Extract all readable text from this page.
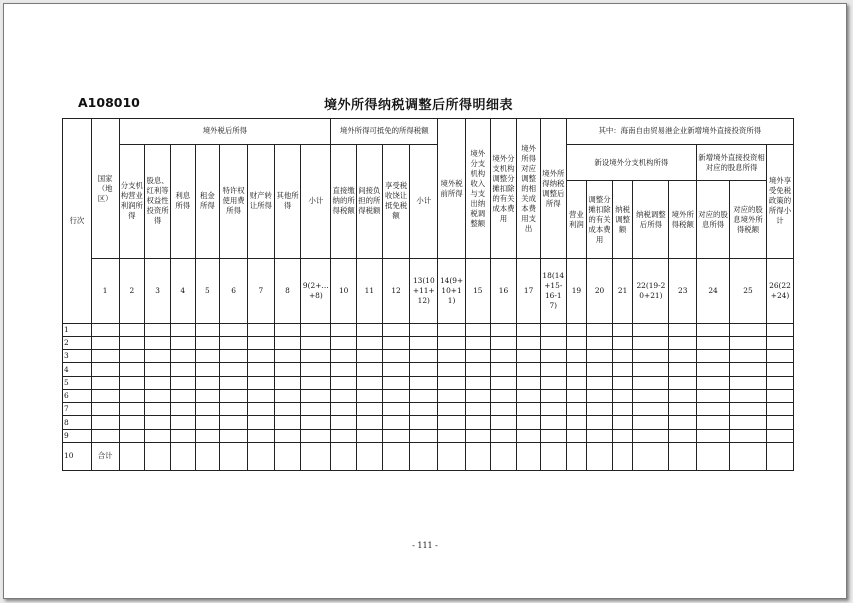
A108010	境外所得纳税调整后所得明细表
行次	国家（地区）	境外税后所得								境外所得可抵免的所得税额				境外税前所得	境外分支机构收入与支出纳税调整额	境外分支机构调整分摊扣除的有关成本费用	境外所得对应调整的相关成本费用支出	境外所得纳税调整后所得	其中：海南自由贸易港企业新增境外直接投资所得							
		分支机构营业利润所得	股息、红利等权益性投资所得	利息所得	租金所得	特许权使用费所得	财产转让所得	其他所得	小计	直接缴纳的所得税额	间接负担的所得税额	享受税收饶让抵免税额	小计						新设境外分支机构所得					新增境外直接投资相对应的股息所得		境外享受免税政策的所得小计
																			营业利润	调整分摊扣除的有关成本费用	纳税调整额	纳税调整后所得	境外所得税额	对应的股息所得	对应的股息境外所得税额	
	1	2	3	4	5	6	7	8	9(2+…+8)	10	11	12	13(10+11+12)	14(9+10+11)	15	16	17	18(14+15-16-17)	19	20	21	22(19-20+21)	23	24	25	26(22+24)
1																										
2																										
3																										
4																										
5																										
6																										
7																										
8																										
9																										
10	合计																									
- 111 -
